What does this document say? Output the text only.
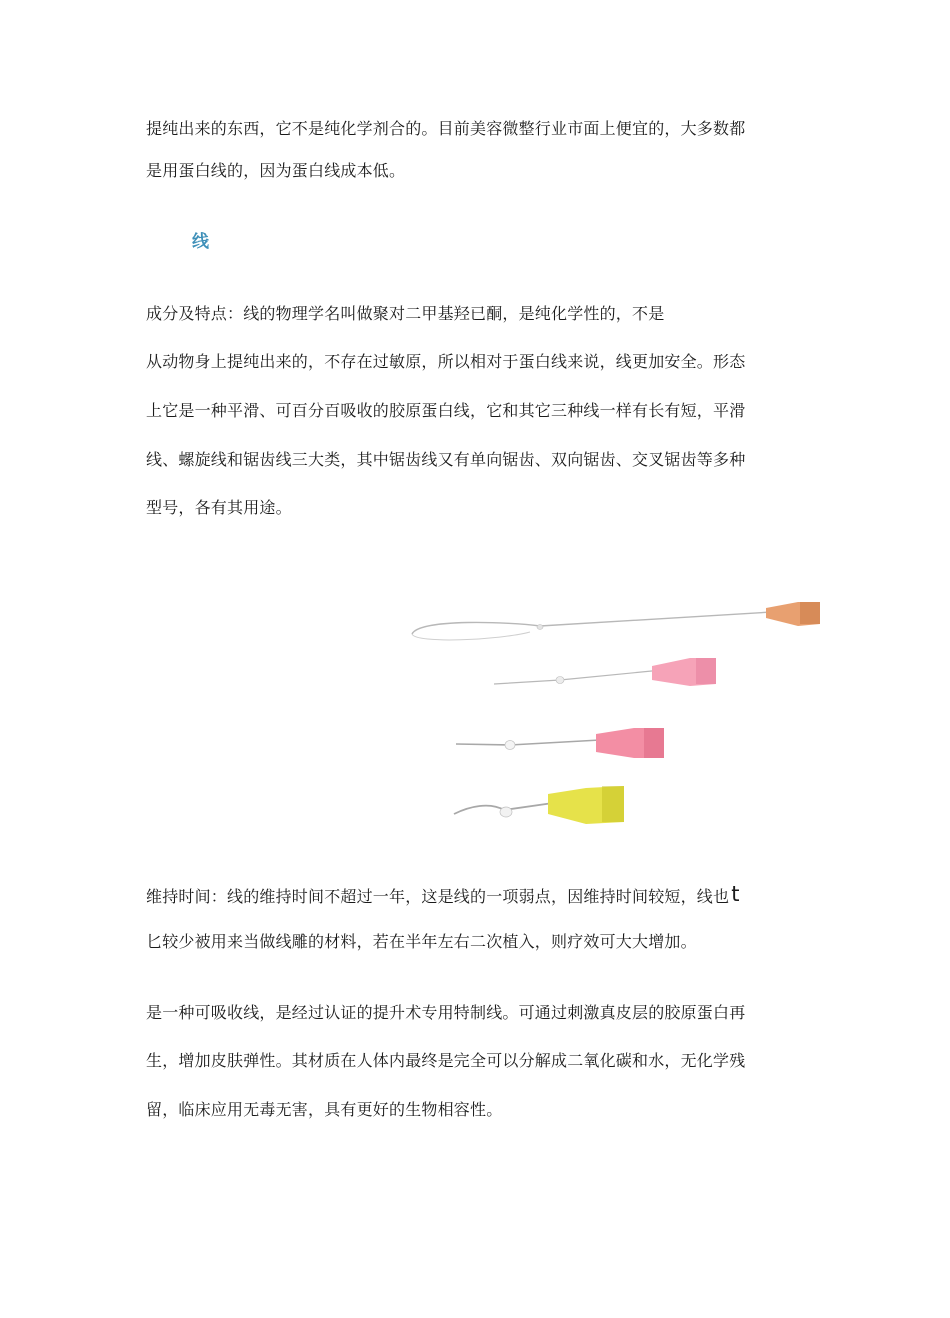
提纯出来的东西，它不是纯化学剂合的。目前美容微整行业市面上便宜的，大多数都
是用蛋白线的，因为蛋白线成本低。
线
成分及特点：线的物理学名叫做聚对二甲基羟已酮，是纯化学性的，不是
从动物身上提纯出来的，不存在过敏原，所以相对于蛋白线来说，线更加安全。形态
上它是一种平滑、可百分百吸收的胶原蛋白线，它和其它三种线一样有长有短，平滑
线、螺旋线和锯齿线三大类，其中锯齿线又有单向锯齿、双向锯齿、交叉锯齿等多种
型号，各有其用途。
维持时间：线的维持时间不超过一年，这是线的一项弱点，因维持时间较短，线也t
匕较少被用来当做线雕的材料，若在半年左右二次植入，则疗效可大大增加。
是一种可吸收线，是经过认证的提升术专用特制线。可通过刺激真皮层的胶原蛋白再
生，增加皮肤弹性。其材质在人体内最终是完全可以分解成二氧化碳和水，无化学残
留，临床应用无毒无害，具有更好的生物相容性。
